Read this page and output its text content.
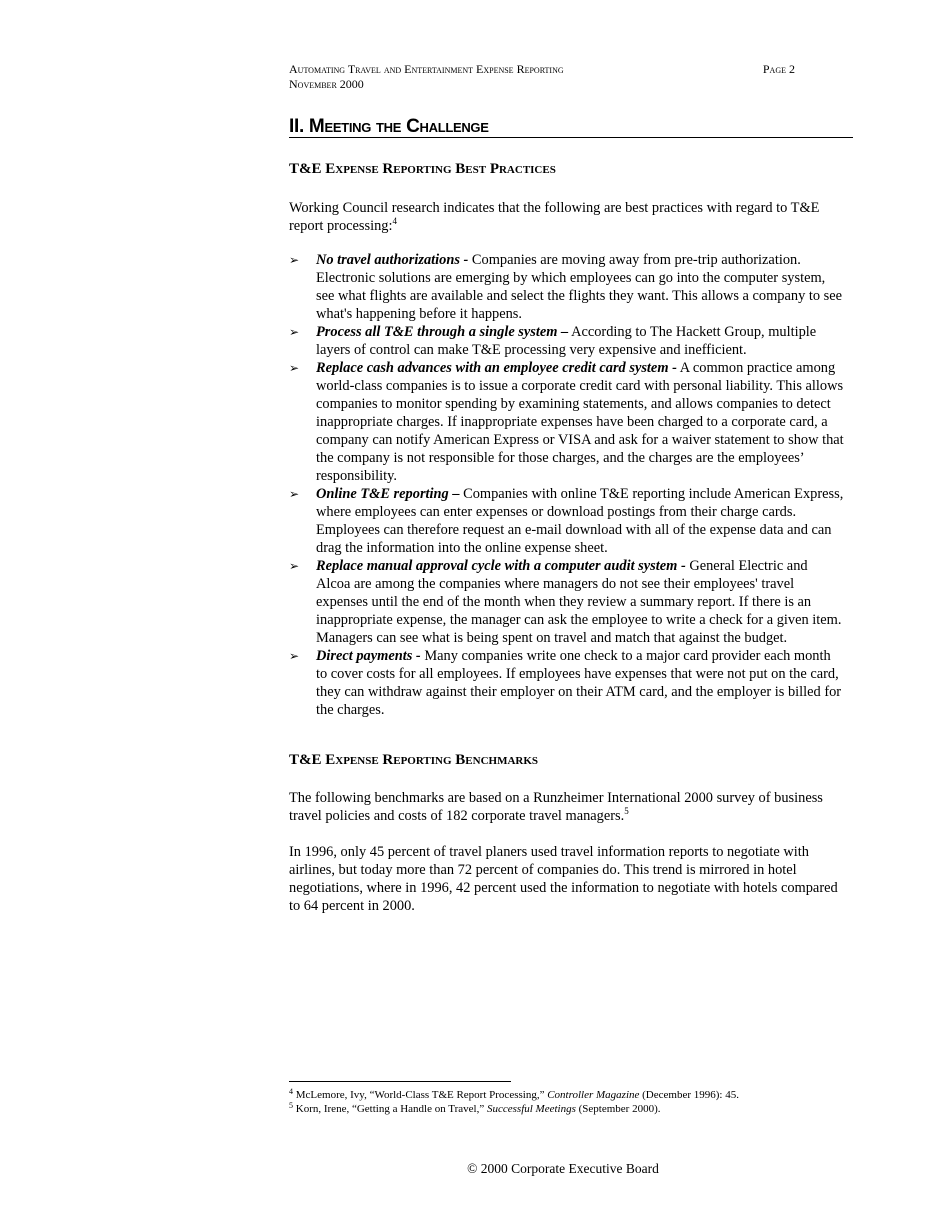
Automating Travel and Entertainment Expense Reporting
November 2000
Page 2
II. Meeting the Challenge
T&E Expense Reporting Best Practices
Working Council research indicates that the following are best practices with regard to T&E report processing:$^4$
➢ No travel authorizations - Companies are moving away from pre-trip authorization. Electronic solutions are emerging by which employees can go into the computer system, see what flights are available and select the flights they want. This allows a company to see what's happening before it happens.
➢ Process all T&E through a single system – According to The Hackett Group, multiple layers of control can make T&E processing very expensive and inefficient.
➢ Replace cash advances with an employee credit card system - A common practice among world-class companies is to issue a corporate credit card with personal liability. This allows companies to monitor spending by examining statements, and allows companies to detect inappropriate charges. If inappropriate expenses have been charged to a corporate card, a company can notify American Express or VISA and ask for a waiver statement to show that the company is not responsible for those charges, and the charges are the employees’ responsibility.
➢ Online T&E reporting – Companies with online T&E reporting include American Express, where employees can enter expenses or download postings from their charge cards. Employees can therefore request an e-mail download with all of the expense data and can drag the information into the online expense sheet.
➢ Replace manual approval cycle with a computer audit system - General Electric and Alcoa are among the companies where managers do not see their employees' travel expenses until the end of the month when they review a summary report. If there is an inappropriate expense, the manager can ask the employee to write a check for a given item. Managers can see what is being spent on travel and match that against the budget.
➢ Direct payments - Many companies write one check to a major card provider each month to cover costs for all employees. If employees have expenses that were not put on the card, they can withdraw against their employer on their ATM card, and the employer is billed for the charges.
T&E Expense Reporting Benchmarks
The following benchmarks are based on a Runzheimer International 2000 survey of business travel policies and costs of 182 corporate travel managers.$^5$
In 1996, only 45 percent of travel planers used travel information reports to negotiate with airlines, but today more than 72 percent of companies do. This trend is mirrored in hotel negotiations, where in 1996, 42 percent used the information to negotiate with hotels compared to 64 percent in 2000.
$^4$ McLemore, Ivy, “World-Class T&E Report Processing,” Controller Magazine (December 1996): 45.
$^5$ Korn, Irene, “Getting a Handle on Travel,” Successful Meetings (September 2000).
© 2000 Corporate Executive Board
